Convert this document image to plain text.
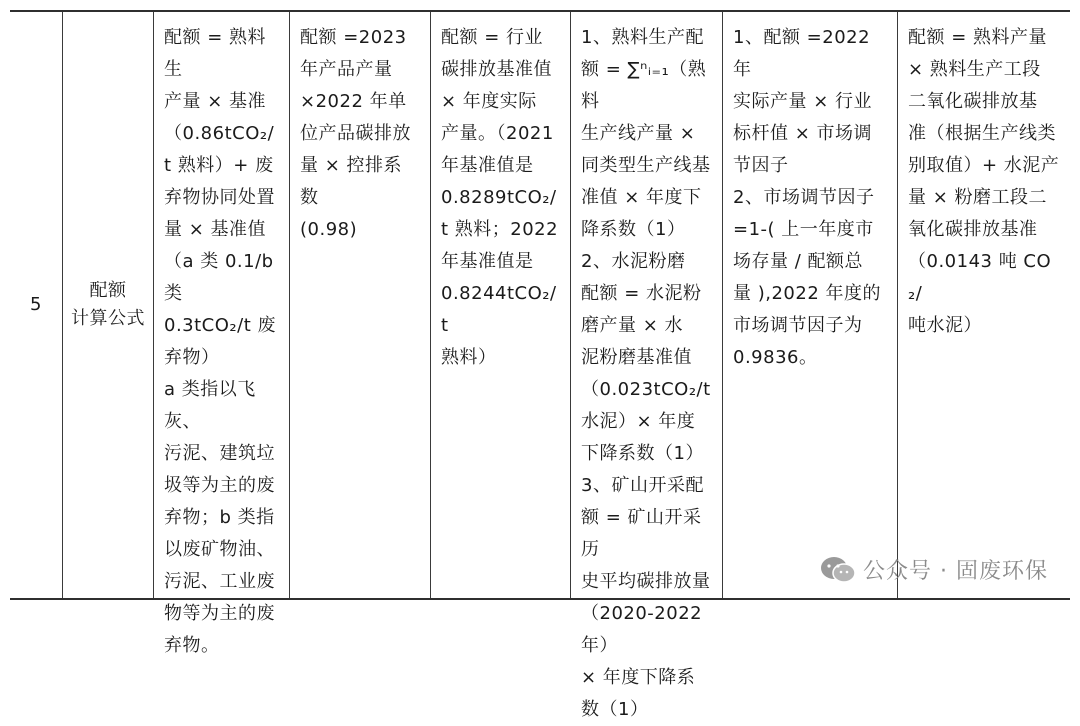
5

配额

计算公式

配额 = 熟料生

产量 × 基准

（0.86tCO₂/

t 熟料）+ 废

弃物协同处置

量 × 基准值

（a 类 0.1/b 类

0.3tCO₂/t 废

弃物）

a 类指以飞灰、

污泥、建筑垃

圾等为主的废

弃物；b 类指

以废矿物油、

污泥、工业废

物等为主的废

弃物。

配额 =2023

年产品产量

×2022 年单

位产品碳排放

量 × 控排系数

(0.98)

配额 = 行业

碳排放基准值

× 年度实际

产量。（2021

年基准值是

0.8289tCO₂/

t 熟料；2022

年基准值是

0.8244tCO₂/t

熟料）

1、熟料生产配

额 = ∑ⁿᵢ₌₁（熟料

生产线产量 ×

同类型生产线基

准值 × 年度下

降系数（1）

2、水泥粉磨

配额 = 水泥粉

磨产量 × 水

泥粉磨基准值

（0.023tCO₂/t

水泥）× 年度

下降系数（1）

3、矿山开采配

额 = 矿山开采历

史平均碳排放量

（2020-2022 年）

× 年度下降系

数（1）

1、配额 =2022 年

实际产量 × 行业

标杆值 × 市场调

节因子

2、市场调节因子

=1-( 上一年度市

场存量 / 配额总

量 ),2022 年度的

市场调节因子为

0.9836。

配额 = 熟料产量

× 熟料生产工段

二氧化碳排放基

准（根据生产线类

别取值）+ 水泥产

量 × 粉磨工段二

氧化碳排放基准

（0.0143 吨 CO₂/

吨水泥）

公众号 · 固废环保
